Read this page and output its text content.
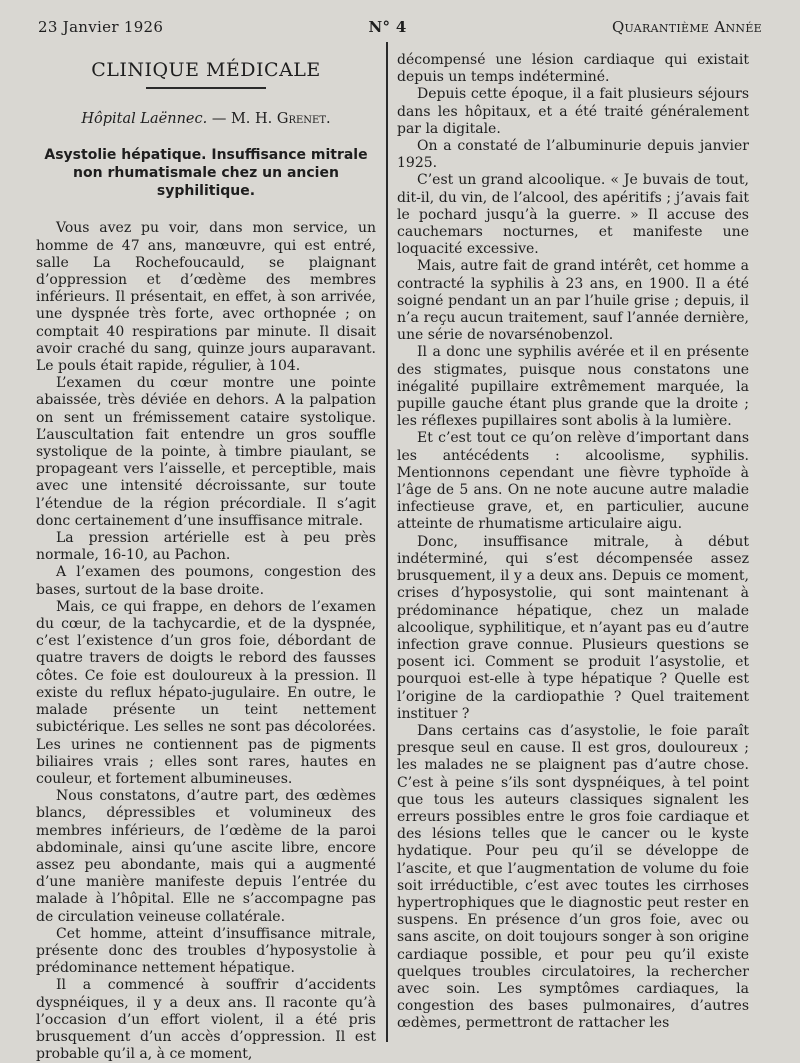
23 Janvier 1926	N° 4	Quarantième Année
CLINIQUE MÉDICALE
Hôpital Laënnec. — M. H. Grenet.
Asystolie hépatique. Insuffisance mitrale
non rhumatismale chez un ancien syphilitique.

Vous avez pu voir, dans mon service, un homme de 47 ans, manœuvre, qui est entré, salle La Rochefoucauld, se plaignant d’oppression et d’œdème des membres inférieurs. Il présentait, en effet, à son arrivée, une dyspnée très forte, avec orthopnée ; on comptait 40 respirations par minute. Il disait avoir craché du sang, quinze jours auparavant. Le pouls était rapide, régulier, à 104.

L’examen du cœur montre une pointe abaissée, très déviée en dehors. A la palpation on sent un frémissement cataire systolique. L’auscultation fait entendre un gros souffle systolique de la pointe, à timbre piaulant, se propageant vers l’aisselle, et perceptible, mais avec une intensité décroissante, sur toute l’étendue de la région précordiale. Il s’agit donc certainement d’une insuffisance mitrale.

La pression artérielle est à peu près normale, 16-10, au Pachon.

A l’examen des poumons, congestion des bases, surtout de la base droite.

Mais, ce qui frappe, en dehors de l’examen du cœur, de la tachycardie, et de la dyspnée, c’est l’existence d’un gros foie, débordant de quatre travers de doigts le rebord des fausses côtes. Ce foie est douloureux à la pression. Il existe du reflux hépato-jugulaire. En outre, le malade présente un teint nettement subictérique. Les selles ne sont pas décolorées. Les urines ne contiennent pas de pigments biliaires vrais ; elles sont rares, hautes en couleur, et fortement albumineuses.

Nous constatons, d’autre part, des œdèmes blancs, dépressibles et volumineux des membres inférieurs, de l’œdème de la paroi abdominale, ainsi qu’une ascite libre, encore assez peu abondante, mais qui a augmenté d’une manière manifeste depuis l’entrée du malade à l’hôpital. Elle ne s’accompagne pas de circulation veineuse collatérale.

Cet homme, atteint d’insuffisance mitrale, présente donc des troubles d’hyposystolie à prédominance nettement hépatique.

Il a commencé à souffrir d’accidents dyspnéiques, il y a deux ans. Il raconte qu’à l’occasion d’un effort violent, il a été pris brusquement d’un accès d’oppression. Il est probable qu’il a, à ce moment,

décompensé une lésion cardiaque qui existait depuis un temps indéterminé.

Depuis cette époque, il a fait plusieurs séjours dans les hôpitaux, et a été traité généralement par la digitale.

On a constaté de l’albuminurie depuis janvier 1925.

C’est un grand alcoolique. « Je buvais de tout, dit-il, du vin, de l’alcool, des apéritifs ; j’avais fait le pochard jusqu’à la guerre. » Il accuse des cauchemars nocturnes, et manifeste une loquacité excessive.

Mais, autre fait de grand intérêt, cet homme a contracté la syphilis à 23 ans, en 1900. Il a été soigné pendant un an par l’huile grise ; depuis, il n’a reçu aucun traitement, sauf l’année dernière, une série de novarsénobenzol.

Il a donc une syphilis avérée et il en présente des stigmates, puisque nous constatons une inégalité pupillaire extrêmement marquée, la pupille gauche étant plus grande que la droite ; les réflexes pupillaires sont abolis à la lumière.

Et c’est tout ce qu’on relève d’important dans les antécédents : alcoolisme, syphilis. Mentionnons cependant une fièvre typhoïde à l’âge de 5 ans. On ne note aucune autre maladie infectieuse grave, et, en particulier, aucune atteinte de rhumatisme articulaire aigu.

Donc, insuffisance mitrale, à début indéterminé, qui s’est décompensée assez brusquement, il y a deux ans. Depuis ce moment, crises d’hyposystolie, qui sont maintenant à prédominance hépatique, chez un malade alcoolique, syphilitique, et n’ayant pas eu d’autre infection grave connue. Plusieurs questions se posent ici. Comment se produit l’asystolie, et pourquoi est-elle à type hépatique ? Quelle est l’origine de la cardiopathie ? Quel traitement instituer ?

Dans certains cas d’asystolie, le foie paraît presque seul en cause. Il est gros, douloureux ; les malades ne se plaignent pas d’autre chose. C’est à peine s’ils sont dyspnéiques, à tel point que tous les auteurs classiques signalent les erreurs possibles entre le gros foie cardiaque et des lésions telles que le cancer ou le kyste hydatique. Pour peu qu’il se développe de l’ascite, et que l’augmentation de volume du foie soit irréductible, c’est avec toutes les cirrhoses hypertrophiques que le diagnostic peut rester en suspens. En présence d’un gros foie, avec ou sans ascite, on doit toujours songer à son origine cardiaque possible, et pour peu qu’il existe quelques troubles circulatoires, la rechercher avec soin. Les symptômes cardiaques, la congestion des bases pulmonaires, d’autres œdèmes, permettront de rattacher les
